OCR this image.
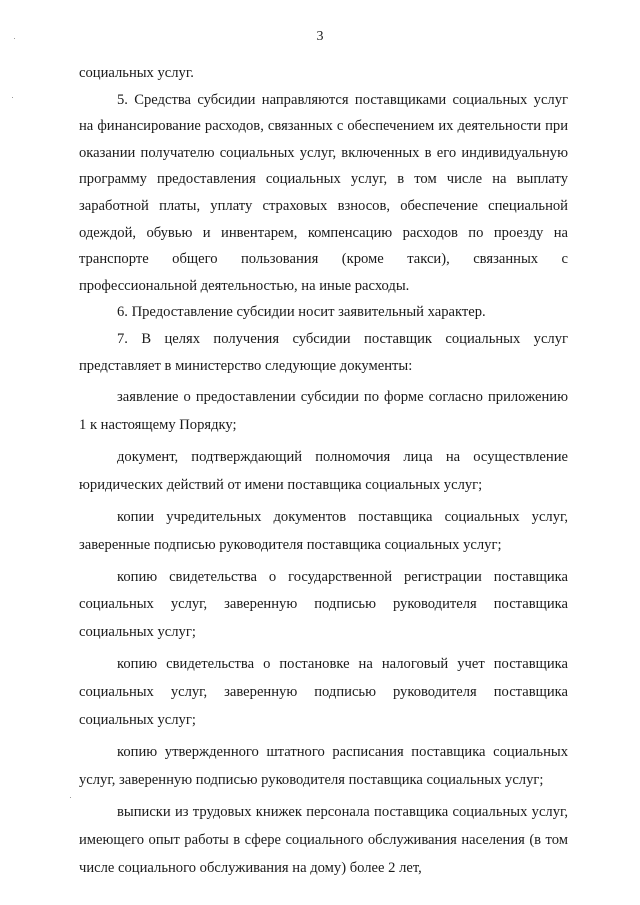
3

социальных услуг.

5. Средства субсидии направляются поставщиками социальных услуг на финансирование расходов, связанных с обеспечением их деятельности при оказании получателю социальных услуг, включенных в его индивидуальную программу предоставления социальных услуг, в том числе на выплату заработной платы, уплату страховых взносов, обеспечение специальной одеждой, обувью и инвентарем, компенсацию расходов по проезду на транспорте общего пользования (кроме такси), связанных с профессиональной деятельностью, на иные расходы.

6. Предоставление субсидии носит заявительный характер.

7. В целях получения субсидии поставщик социальных услуг представляет в министерство следующие документы:

заявление о предоставлении субсидии по форме согласно приложению 1 к настоящему Порядку;

документ, подтверждающий полномочия лица на осуществление юридических действий от имени поставщика социальных услуг;

копии учредительных документов поставщика социальных услуг, заверенные подписью руководителя поставщика социальных услуг;

копию свидетельства о государственной регистрации поставщика социальных услуг, заверенную подписью руководителя поставщика социальных услуг;

копию свидетельства о постановке на налоговый учет поставщика социальных услуг, заверенную подписью руководителя поставщика социальных услуг;

копию утвержденного штатного расписания поставщика социальных услуг, заверенную подписью руководителя поставщика социальных услуг;

выписки из трудовых книжек персонала поставщика социальных услуг, имеющего опыт работы в сфере социального обслуживания населения (в том числе социального обслуживания на дому) более 2 лет,
